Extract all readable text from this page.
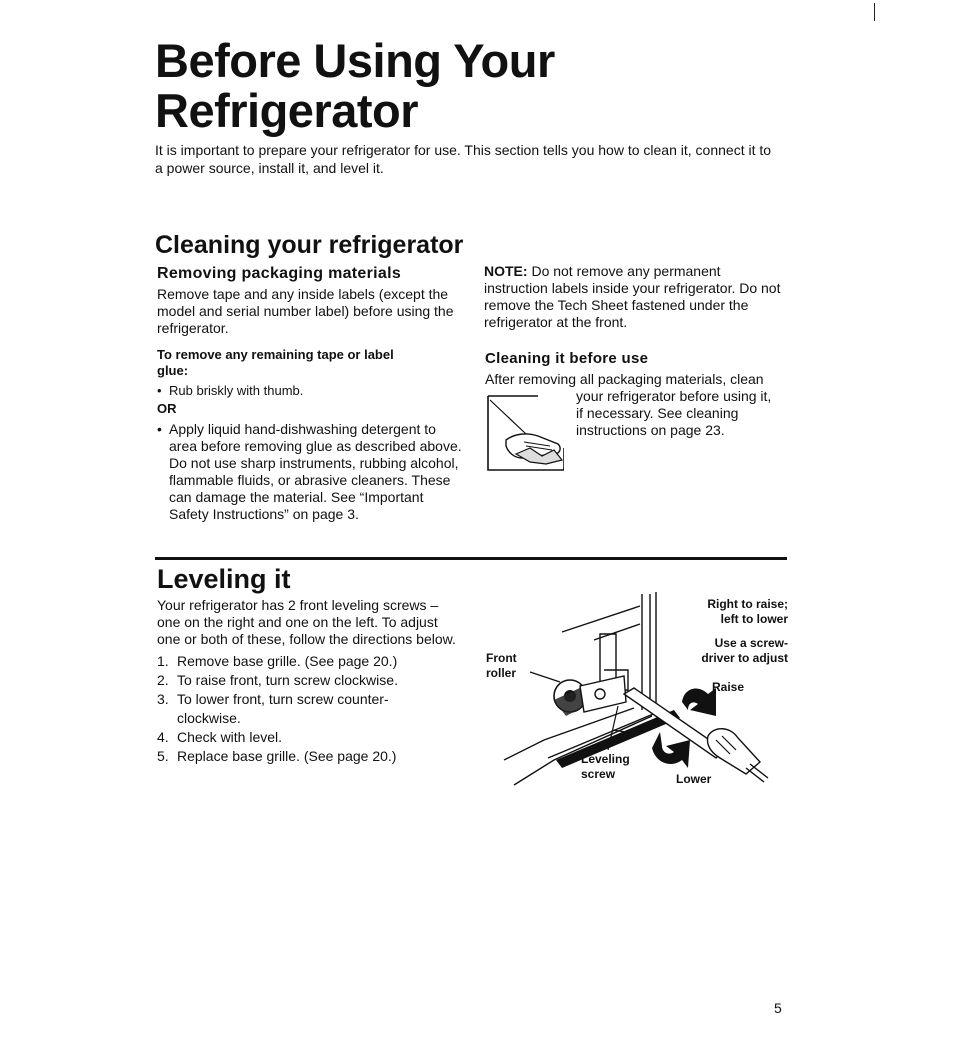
Before Using Your Refrigerator
It is important to prepare your refrigerator for use. This section tells you how to clean it, connect it to a power source, install it, and level it.
Cleaning your refrigerator
Removing packaging materials

Remove tape and any inside labels (except the model and serial number label) before using the refrigerator.

To remove any remaining tape or label glue:
• Rub briskly with thumb.
OR
• Apply liquid hand-dishwashing detergent to area before removing glue as described above. Do not use sharp instruments, rubbing alcohol, flammable fluids, or abrasive cleaners. These can damage the material. See “Important Safety Instructions” on page 3.

NOTE: Do not remove any permanent instruction labels inside your refrigerator. Do not remove the Tech Sheet fastened under the refrigerator at the front.

Cleaning it before use
After removing all packaging materials, clean
your refrigerator before using it, if necessary. See cleaning instructions on page 23.
Leveling it

Your refrigerator has 2 front leveling screws – one on the right and one on the left. To adjust one or both of these, follow the directions below.

1. Remove base grille. (See page 20.)
2. To raise front, turn screw clockwise.
3. To lower front, turn screw counter-clockwise.
4. Check with level.
5. Replace base grille. (See page 20.)
Right to raise; left to lower
Use a screw-driver to adjust
Front roller
Raise
Leveling screw	Lower
5
